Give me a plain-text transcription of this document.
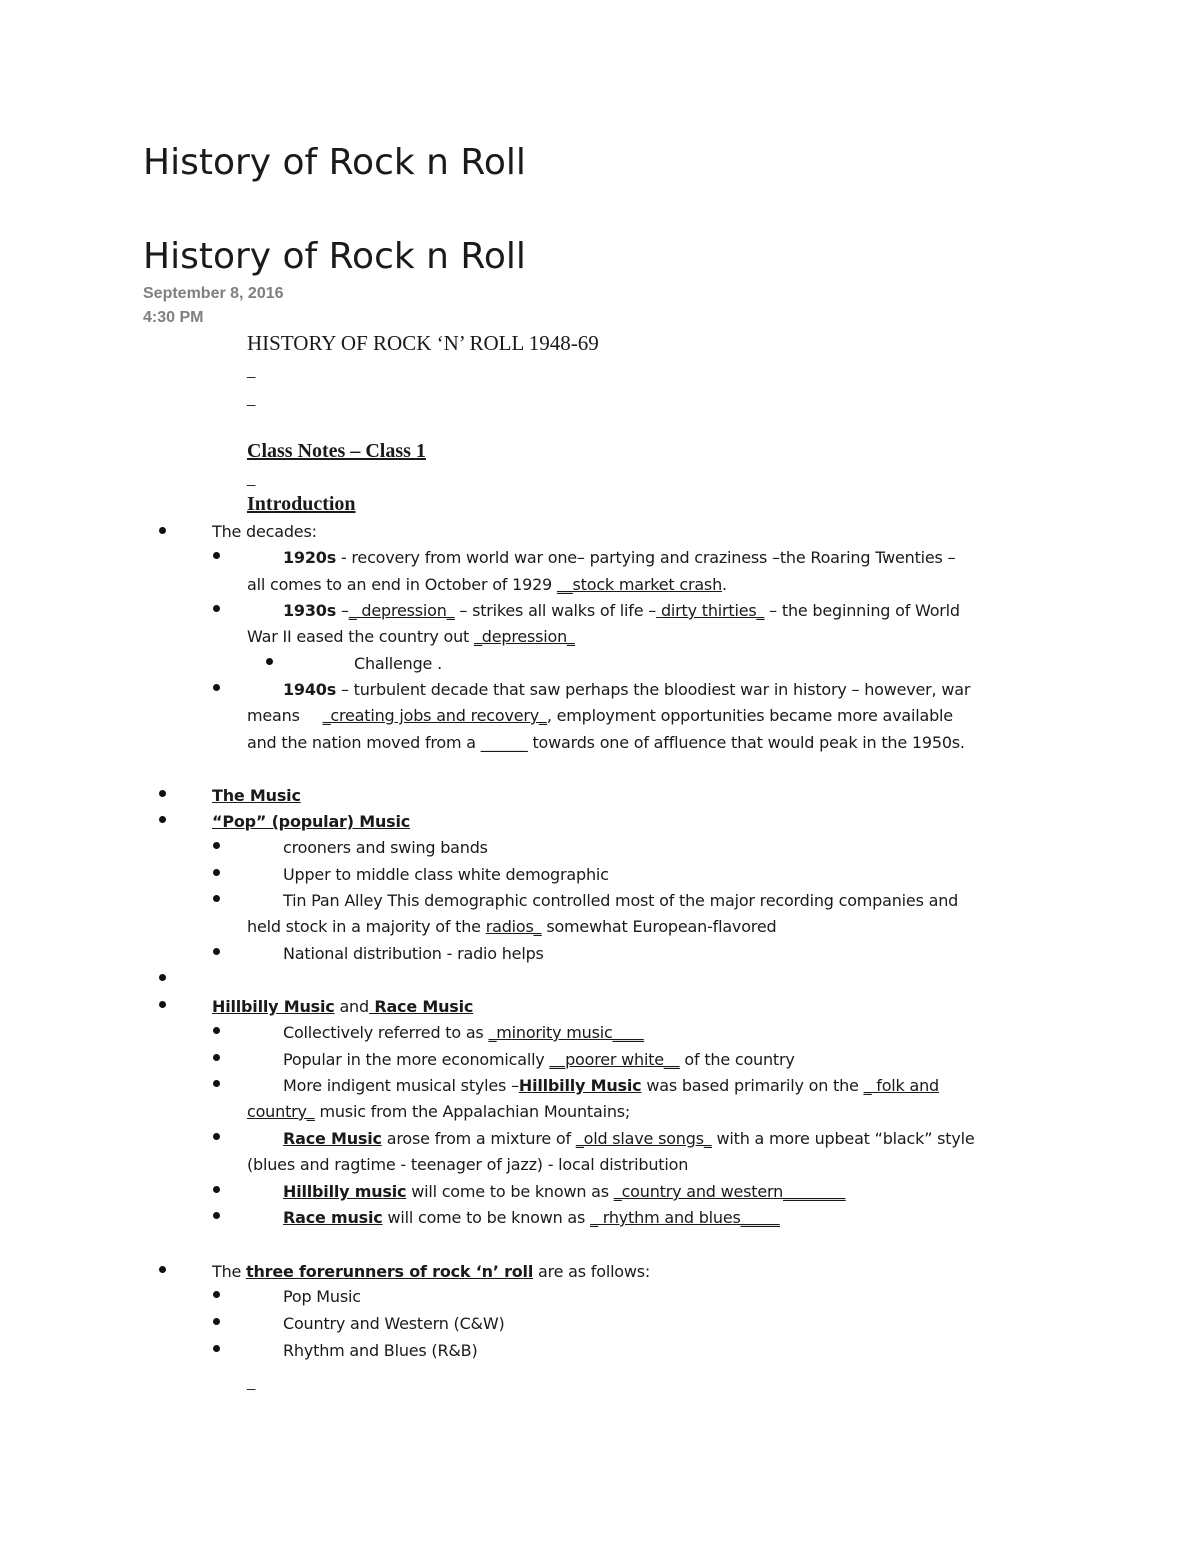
History of Rock n Roll
History of Rock n Roll
September 8, 2016
4:30 PM
HISTORY OF ROCK ‘N’ ROLL 1948-69
_
_
Class Notes – Class 1
_
Introduction
The decades:
1920s - recovery from world war one– partying and craziness –the Roaring Twenties –
all comes to an end in October of 1929 __stock market crash.
1930s –_ depression_ – strikes all walks of life – dirty thirties_ – the beginning of World
War II eased the country out _depression_
Challenge .
1940s – turbulent decade that saw perhaps the bloodiest war in history – however, war
means _creating jobs and recovery_, employment opportunities became more available
and the nation moved from a ______ towards one of affluence that would peak in the 1950s.
The Music
“Pop” (popular) Music
crooners and swing bands
Upper to middle class white demographic
Tin Pan Alley This demographic controlled most of the major recording companies and
held stock in a majority of the radios_ somewhat European-flavored
National distribution - radio helps
Hillbilly Music and Race Music
Collectively referred to as _minority music____
Popular in the more economically __poorer white__ of the country
More indigent musical styles –Hillbilly Music was based primarily on the _ folk and
country_ music from the Appalachian Mountains;
Race Music arose from a mixture of _old slave songs_ with a more upbeat “black” style
(blues and ragtime - teenager of jazz) - local distribution
Hillbilly music will come to be known as _country and western________
Race music will come to be known as _ rhythm and blues_____
The three forerunners of rock ‘n’ roll are as follows:
Pop Music
Country and Western (C&W)
Rhythm and Blues (R&B)
_
